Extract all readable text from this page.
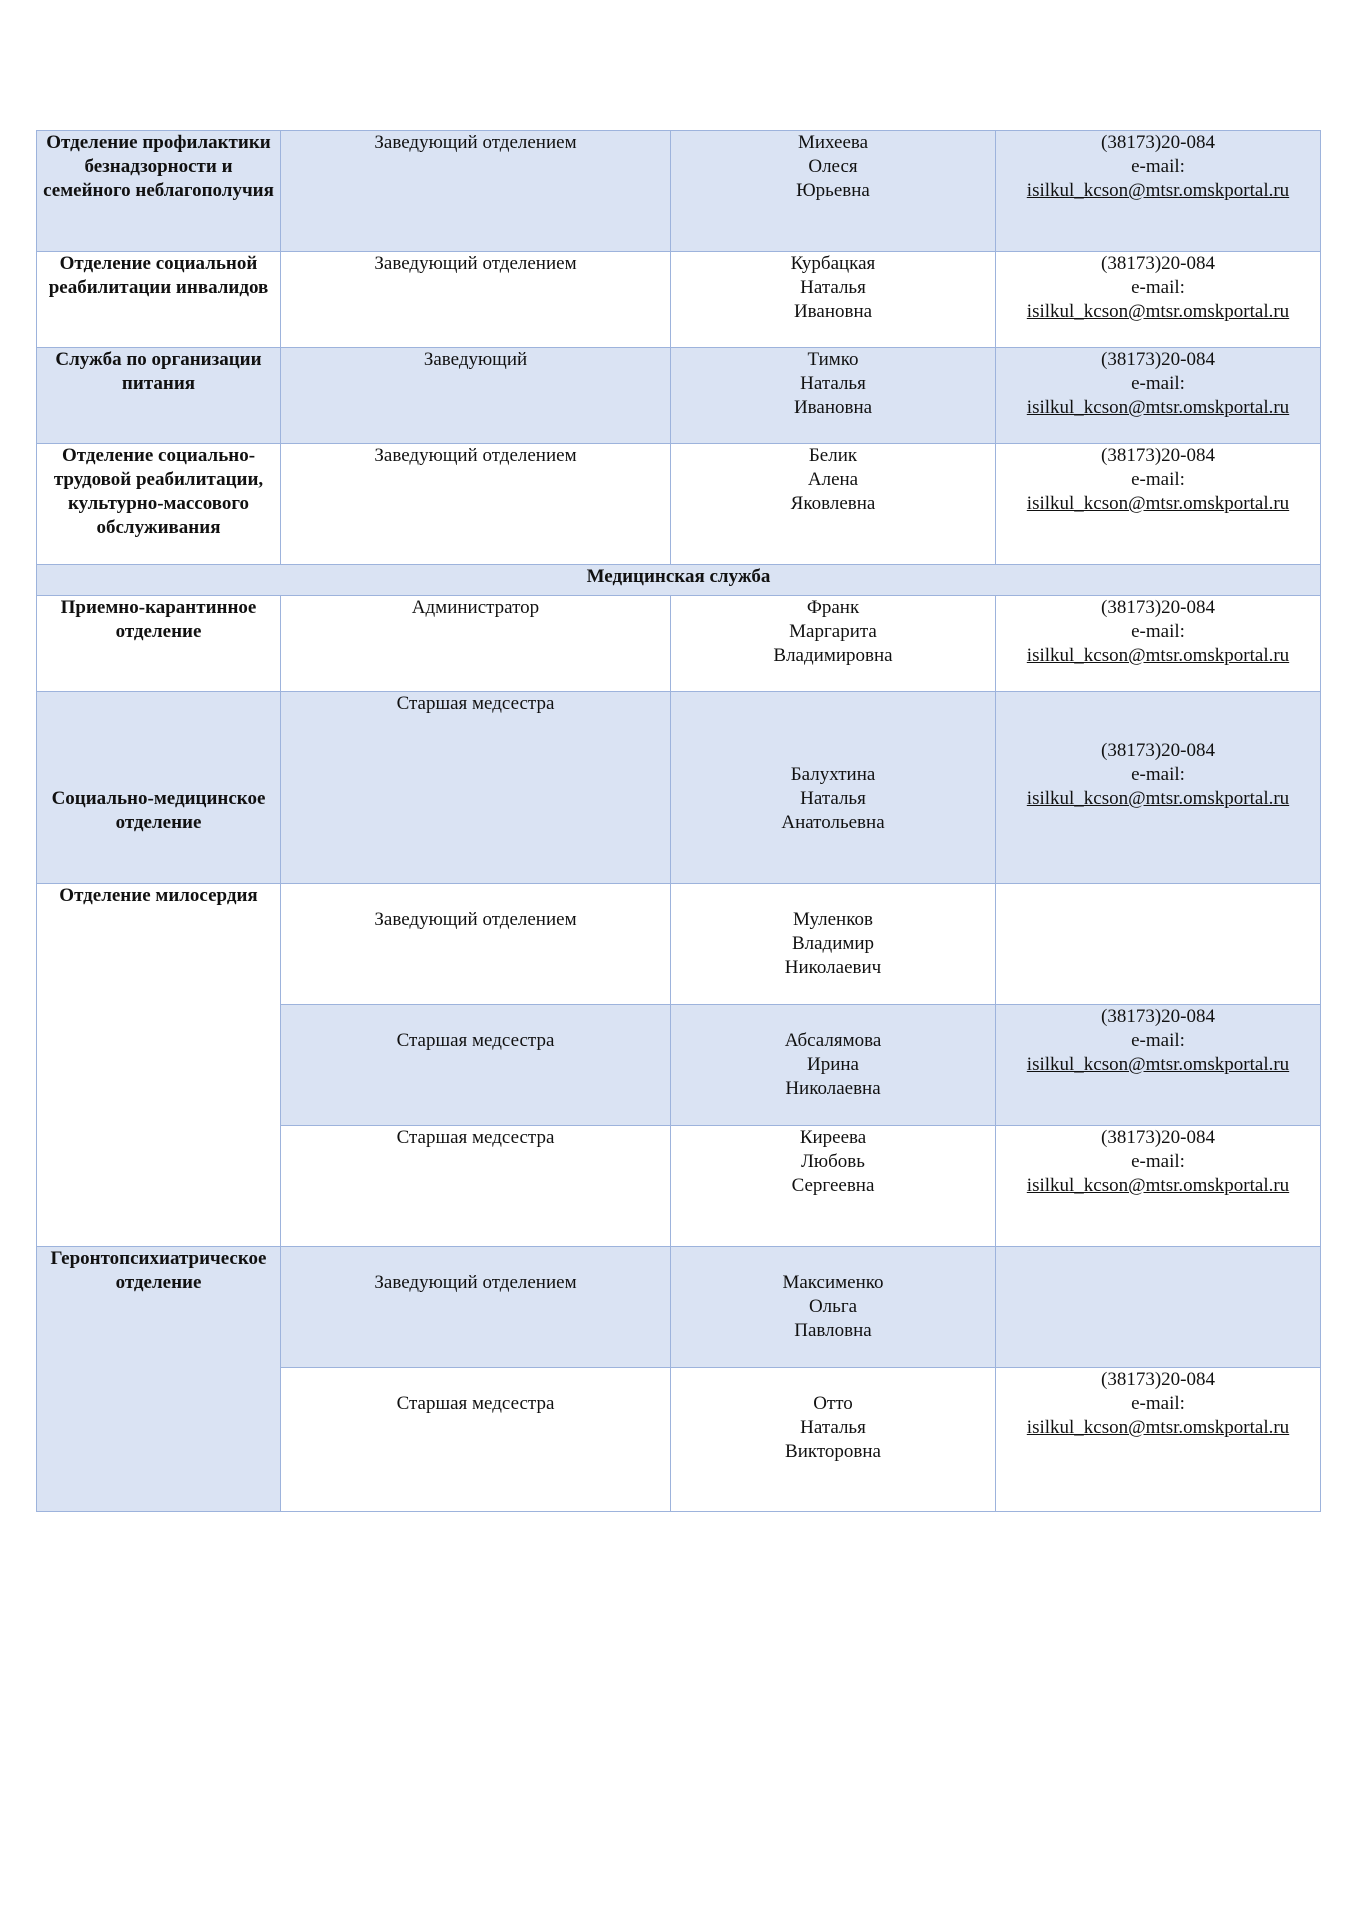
Отделение профилактики безнадзорности и семейного неблагополучия	Заведующий отделением	Михеева
Олеся
Юрьевна	(38173)20-084
e-mail:
isilkul_kcson@mtsr.omskportal.ru

Отделение социальной реабилитации инвалидов	Заведующий отделением	Курбацкая
Наталья
Ивановна	(38173)20-084
e-mail:
isilkul_kcson@mtsr.omskportal.ru

Служба по организации питания	Заведующий	Тимко
Наталья
Ивановна	(38173)20-084
e-mail:
isilkul_kcson@mtsr.omskportal.ru

Отделение социально-трудовой реабилитации, культурно-массового обслуживания	Заведующий отделением	Белик
Алена
Яковлевна	(38173)20-084
e-mail:
isilkul_kcson@mtsr.omskportal.ru

Медицинская служба			
Приемно-карантинное отделение	Администратор	Франк
Маргарита
Владимировна	(38173)20-084
e-mail:
isilkul_kcson@mtsr.omskportal.ru

Социально-медицинское отделение	Старшая медсестра	Балухтина
Наталья
Анатольевна	(38173)20-084
e-mail:
isilkul_kcson@mtsr.omskportal.ru

Отделение милосердия	Заведующий отделением	Муленков
Владимир
Николаевич	

	Старшая медсестра	Абсалямова
Ирина
Николаевна	(38173)20-084
e-mail:
isilkul_kcson@mtsr.omskportal.ru

	Старшая медсестра	Киреева
Любовь
Сергеевна	(38173)20-084
e-mail:
isilkul_kcson@mtsr.omskportal.ru

Геронтопсихиатрическое отделение	Заведующий отделением	Максименко
Ольга
Павловна	

	Старшая медсестра	Отто
Наталья
Викторовна	(38173)20-084
e-mail:
isilkul_kcson@mtsr.omskportal.ru
